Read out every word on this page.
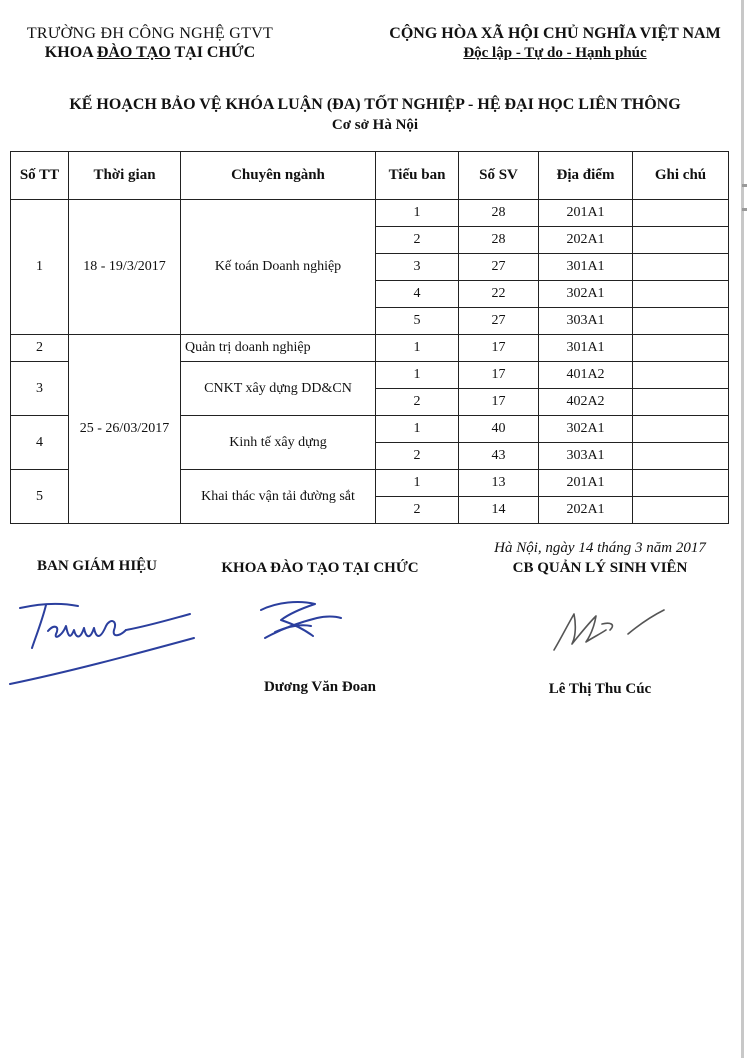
TRƯỜNG ĐH CÔNG NGHỆ GTVT
KHOA ĐÀO TẠO TẠI CHỨC
CỘNG HÒA XÃ HỘI CHỦ NGHĨA VIỆT NAM
Độc lập - Tự do - Hạnh phúc
KẾ HOẠCH BẢO VỆ KHÓA LUẬN (ĐA) TỐT NGHIỆP - HỆ ĐẠI HỌC LIÊN THÔNG
Cơ sở Hà Nội
Số TT	Thời gian	Chuyên ngành	Tiểu ban	Số SV	Địa điểm	Ghi chú
1	18 - 19/3/2017	Kế toán Doanh nghiệp	1	28	201A1	
			2	28	202A1	
			3	27	301A1	
			4	22	302A1	
			5	27	303A1	
2	25 - 26/03/2017	Quản trị doanh nghiệp	1	17	301A1	
3		CNKT xây dựng DD&CN	1	17	401A2	
			2	17	402A2	
4		Kinh tế xây dựng	1	40	302A1	
			2	43	303A1	
5		Khai thác vận tải đường sắt	1	13	201A1	
			2	14	202A1	
BAN GIÁM HIỆU	KHOA ĐÀO TẠO TẠI CHỨC
Hà Nội, ngày 14 tháng 3 năm 2017
CB QUẢN LÝ SINH VIÊN
Dương Văn Đoan	Lê Thị Thu Cúc
